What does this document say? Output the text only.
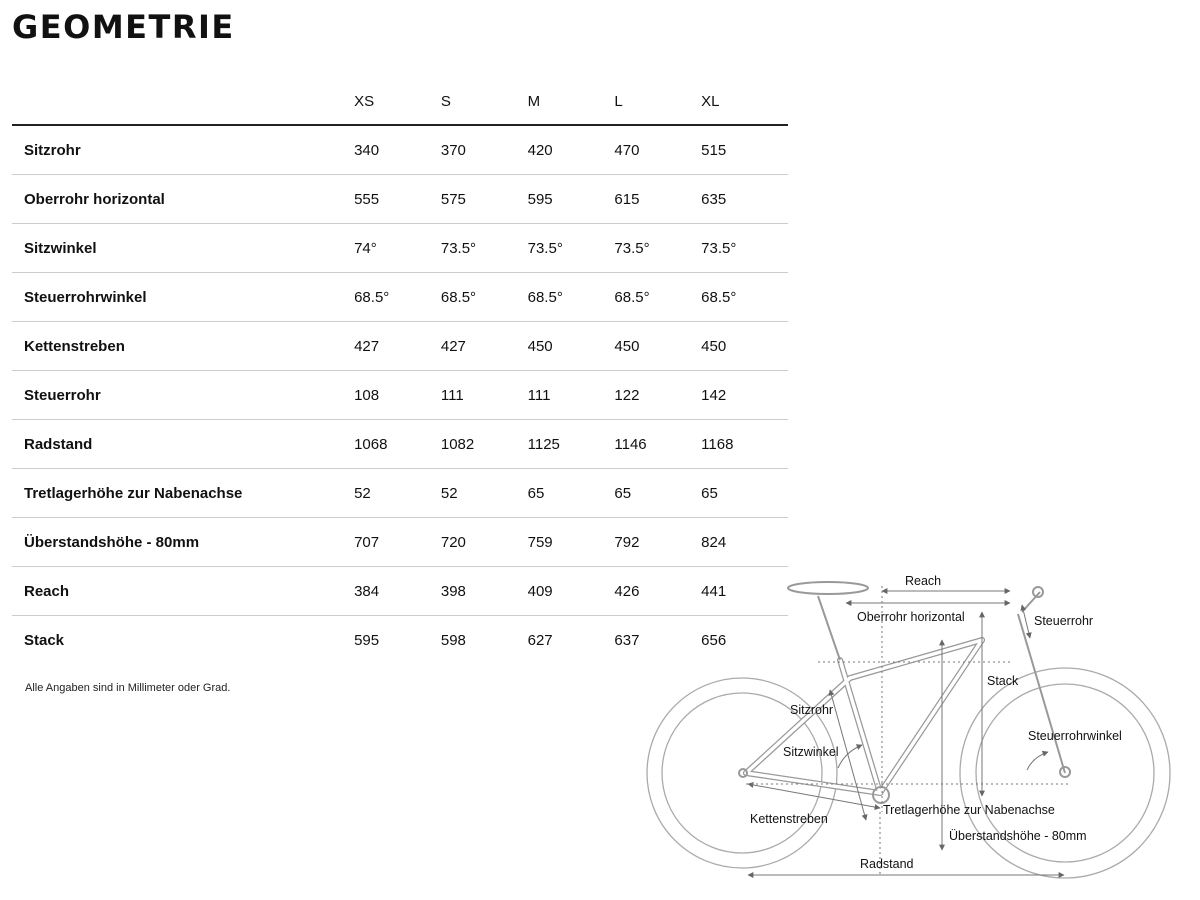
GEOMETRIE
	XS	S	M	L	XL
Sitzrohr	340	370	420	470	515
Oberrohr horizontal	555	575	595	615	635
Sitzwinkel	74°	73.5°	73.5°	73.5°	73.5°
Steuerrohrwinkel	68.5°	68.5°	68.5°	68.5°	68.5°
Kettenstreben	427	427	450	450	450
Steuerrohr	108	111	111	122	142
Radstand	1068	1082	1125	1146	1168
Tretlagerhöhe zur Nabenachse	52	52	65	65	65
Überstandshöhe - 80mm	707	720	759	792	824
Reach	384	398	409	426	441
Stack	595	598	627	637	656
Alle Angaben sind in Millimeter oder Grad.
Reach
Oberrohr horizontal	Steuerrohr
Stack
Sitzrohr
Sitzwinkel
Steuerrohrwinkel
Tretlagerhöhe zur Nabenachse
Kettenstreben
Überstandshöhe - 80mm
Radstand
